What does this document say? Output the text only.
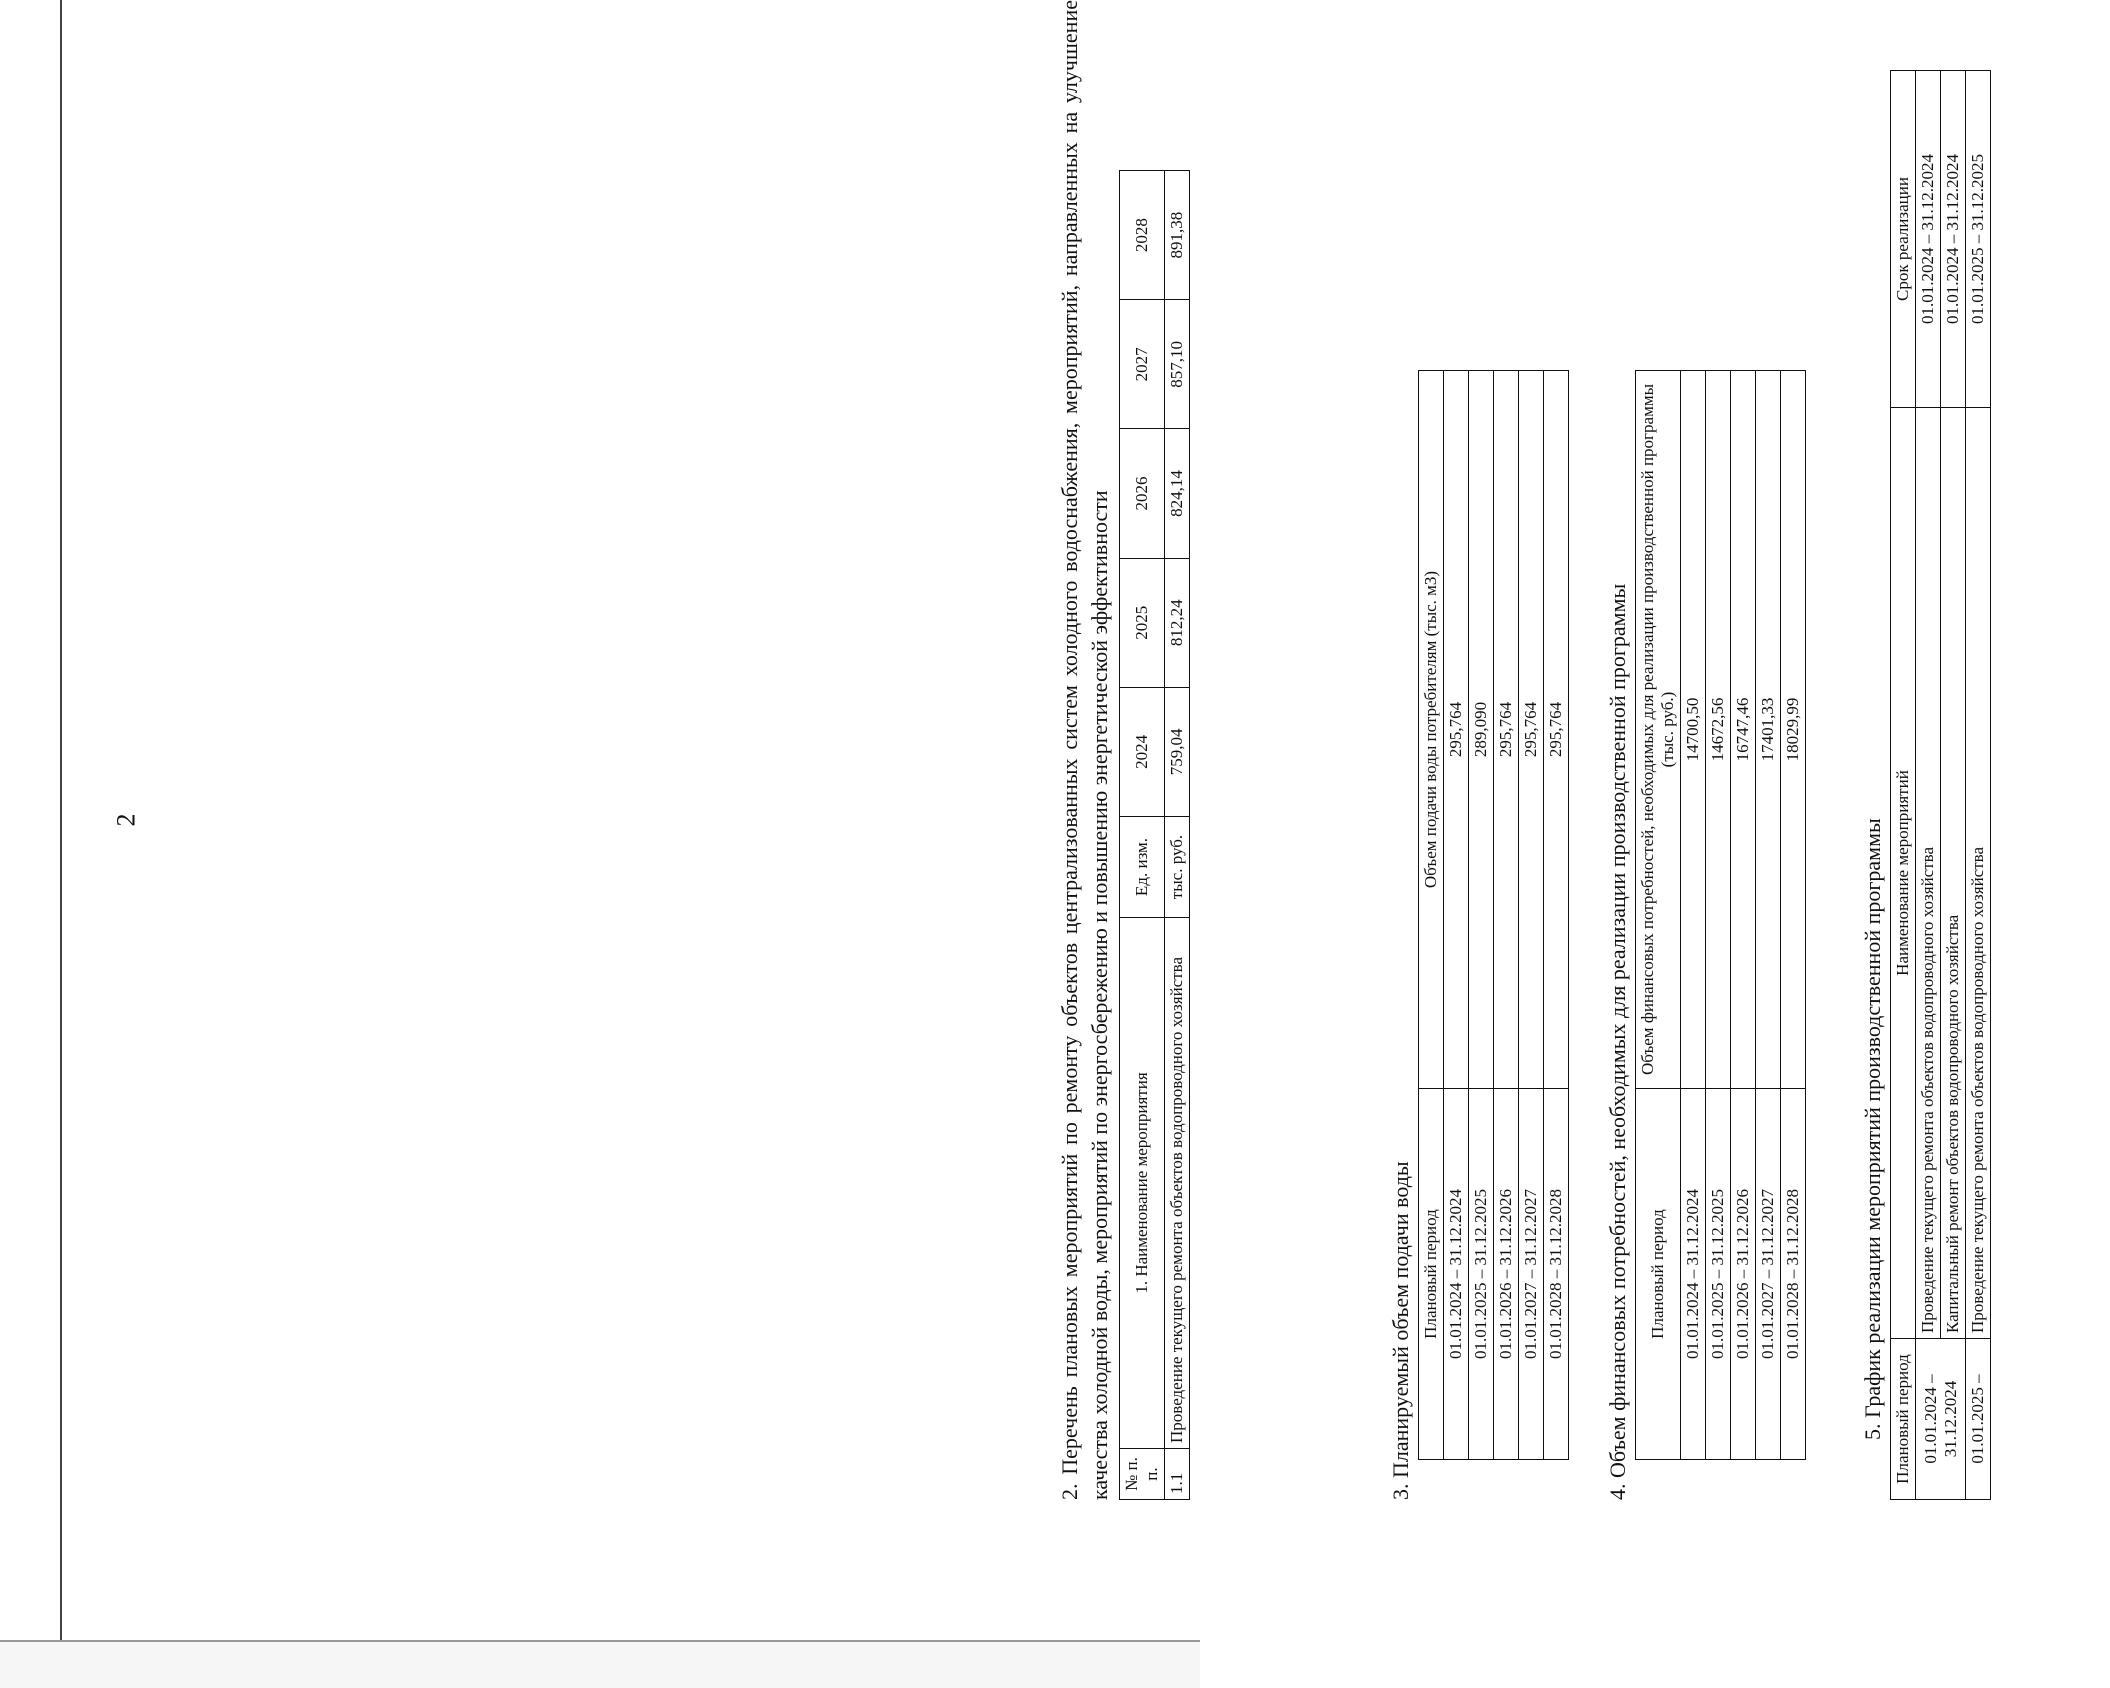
2	2. Перечень плановых мероприятий по ремонту объектов централизованных систем холодного водоснабжения, мероприятий, направленных на улучшение качества холодной воды, мероприятий по энергосбережению и повышению энергетической эффективности № п. п.	1. Наименование мероприятия	Ед. изм.	2024	2025	2026	2027	2028
1.1	Проведение текущего ремонта объектов водопроводного хозяйства	тыс. руб.	759,04	812,24	824,14	857,10	891,38
3. Планируемый объем подачи воды Плановый период	Объем подачи воды потребителям (тыс. м3)
01.01.2024 – 31.12.2024	295,764
01.01.2025 – 31.12.2025	289,090
01.01.2026 – 31.12.2026	295,764
01.01.2027 – 31.12.2027	295,764
01.01.2028 – 31.12.2028	295,764 4. Объем финансовых потребностей, необходимых для реализации производственной программы Плановый период	Объем финансовых потребностей, необходимых для реализации производственной программы (тыс. руб.)
01.01.2024 – 31.12.2024	14700,50
01.01.2025 – 31.12.2025	14672,56
01.01.2026 – 31.12.2026	16747,46
01.01.2027 – 31.12.2027	17401,33
01.01.2028 – 31.12.2028	18029,99
5. График реализации мероприятий производственной программы Плановый период	Наименование мероприятий	Срок реализации
01.01.2024 – 31.12.2024	Проведение текущего ремонта объектов водопроводного хозяйства	01.01.2024 – 31.12.2024
	Капитальный ремонт объектов водопроводного хозяйства	01.01.2024 – 31.12.2024
01.01.2025 –	Проведение текущего ремонта объектов водопроводного хозяйства	01.01.2025 – 31.12.2025
